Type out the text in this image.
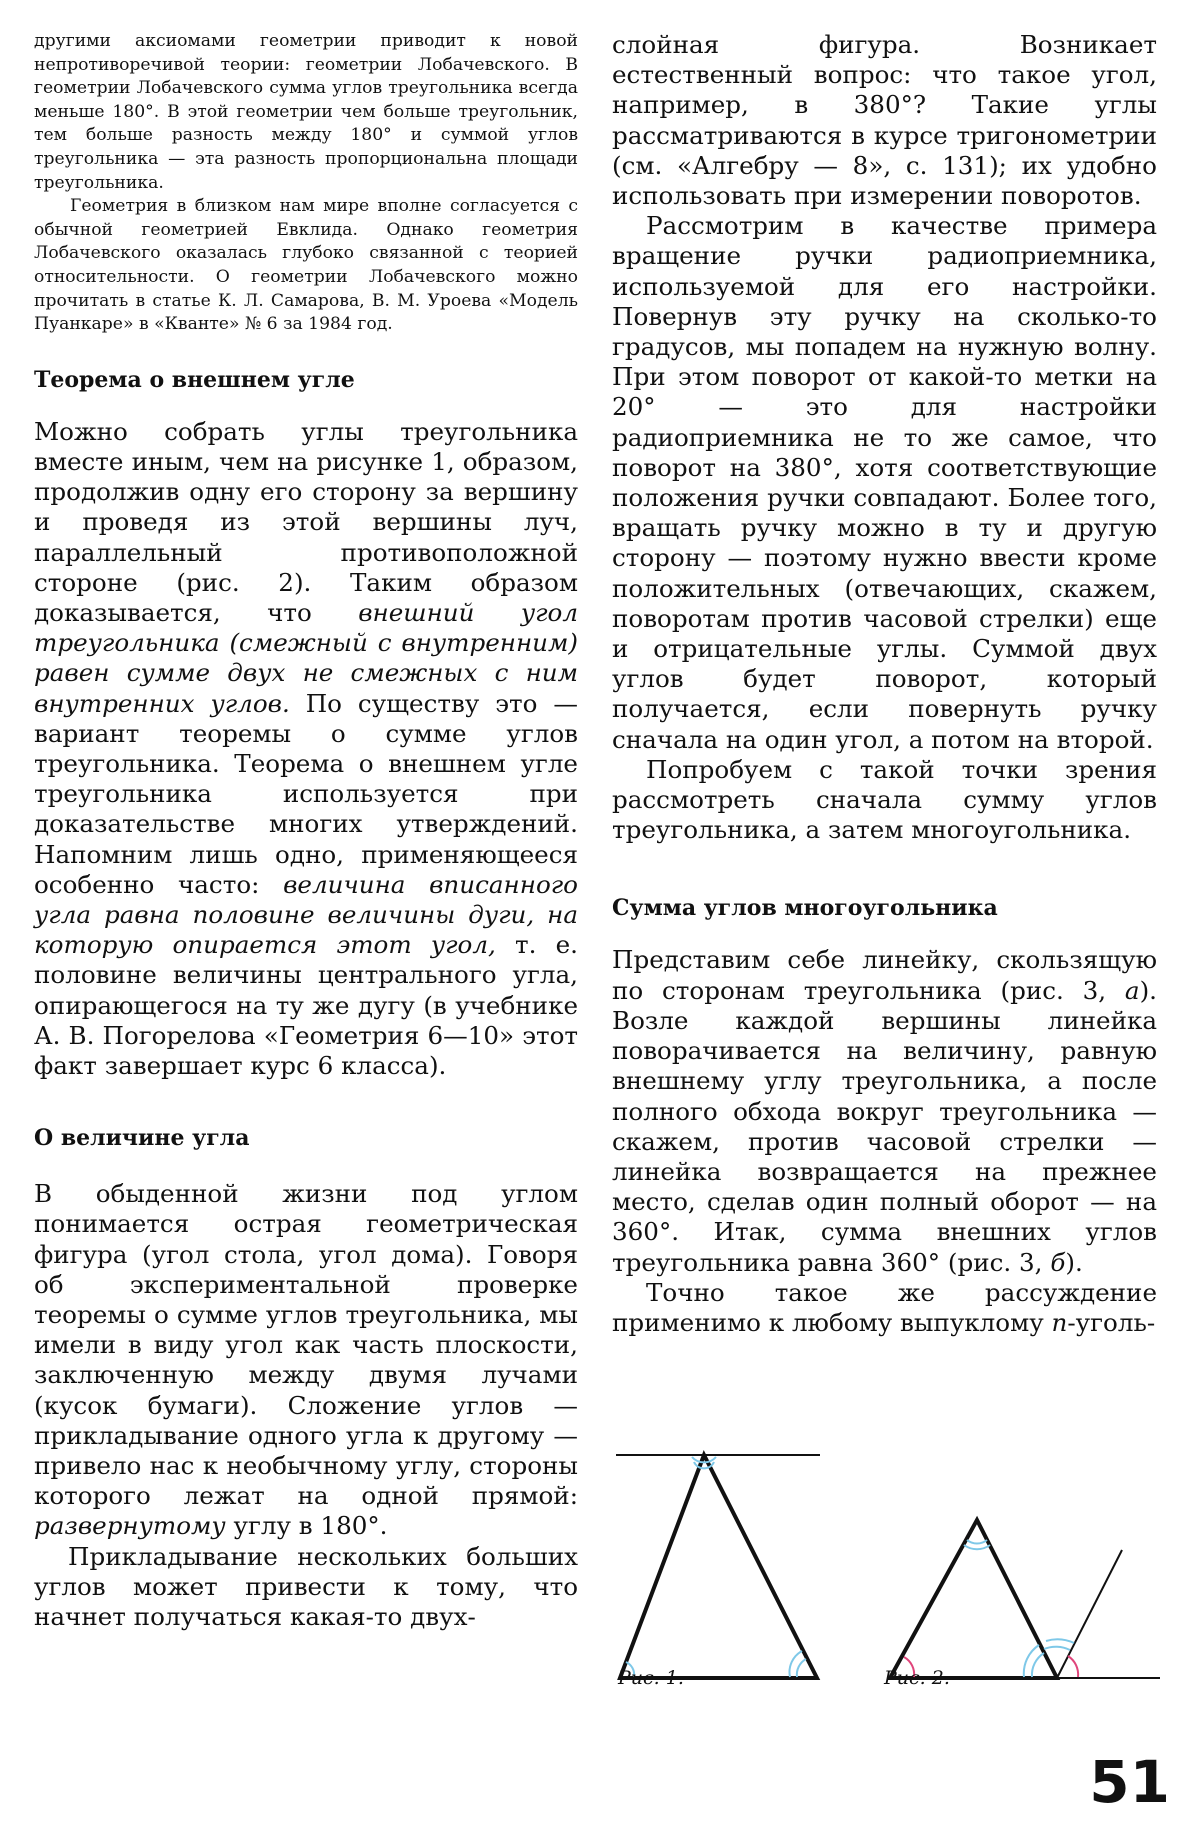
другими аксиомами геометрии приводит к новой непротиворечивой теории: геометрии Лобачевского. В геометрии Лобачевского сумма углов треугольника всегда меньше 180°. В этой геометрии чем больше треугольник, тем больше разность между 180° и суммой углов треугольника — эта разность пропорциональна площади треугольника.

Геометрия в близком нам мире вполне согласуется с обычной геометрией Евклида. Однако геометрия Лобачевского оказалась глубоко связанной с теорией относительности. О геометрии Лобачевского можно прочитать в статье К. Л. Самарова, В. М. Уроева «Модель Пуанкаре» в «Кванте» № 6 за 1984 год.

Теорема о внешнем угле

Можно собрать углы треугольника вместе иным, чем на рисунке 1, образом, продолжив одну его сторону за вершину и проведя из этой вершины луч, параллельный противоположной стороне (рис. 2). Таким образом доказывается, что внешний угол треугольника (смежный с внутренним) равен сумме двух не смежных с ним внутренних углов. По существу это — вариант теоремы о сумме углов треугольника. Теорема о внешнем угле треугольника используется при доказательстве многих утверждений. Напомним лишь одно, применяющееся особенно часто: величина вписанного угла равна половине величины дуги, на которую опирается этот угол, т. е. половине величины центрального угла, опирающегося на ту же дугу (в учебнике А. В. Погорелова «Геометрия 6—10» этот факт завершает курс 6 класса).

О величине угла

В обыденной жизни под углом понимается острая геометрическая фигура (угол стола, угол дома). Говоря об экспериментальной проверке теоремы о сумме углов треугольника, мы имели в виду угол как часть плоскости, заключенную между двумя лучами (кусок бумаги). Сложение углов — прикладывание одного угла к другому — привело нас к необычному углу, стороны которого лежат на одной прямой: развернутому углу в 180°.

Прикладывание нескольких больших углов может привести к тому, что начнет получаться какая-то двух-

слойная фигура. Возникает естественный вопрос: что такое угол, например, в 380°? Такие углы рассматриваются в курсе тригонометрии (см. «Алгебру — 8», с. 131); их удобно использовать при измерении поворотов.

Рассмотрим в качестве примера вращение ручки радиоприемника, используемой для его настройки. Повернув эту ручку на сколько-то градусов, мы попадем на нужную волну. При этом поворот от какой-то метки на 20° — это для настройки радиоприемника не то же самое, что поворот на 380°, хотя соответствующие положения ручки совпадают. Более того, вращать ручку можно в ту и другую сторону — поэтому нужно ввести кроме положительных (отвечающих, скажем, поворотам против часовой стрелки) еще и отрицательные углы. Суммой двух углов будет поворот, который получается, если повернуть ручку сначала на один угол, а потом на второй.

Попробуем с такой точки зрения рассмотреть сначала сумму углов треугольника, а затем многоугольника.

Сумма углов многоугольника

Представим себе линейку, скользящую по сторонам треугольника (рис. 3, а). Возле каждой вершины линейка поворачивается на величину, равную внешнему углу треугольника, а после полного обхода вокруг треугольника — скажем, против часовой стрелки — линейка возвращается на прежнее место, сделав один полный оборот — на 360°. Итак, сумма внешних углов треугольника равна 360° (рис. 3, б).

Точно такое же рассуждение применимо к любому выпуклому n-уголь-

Рис. 1.	Рис. 2.
51
